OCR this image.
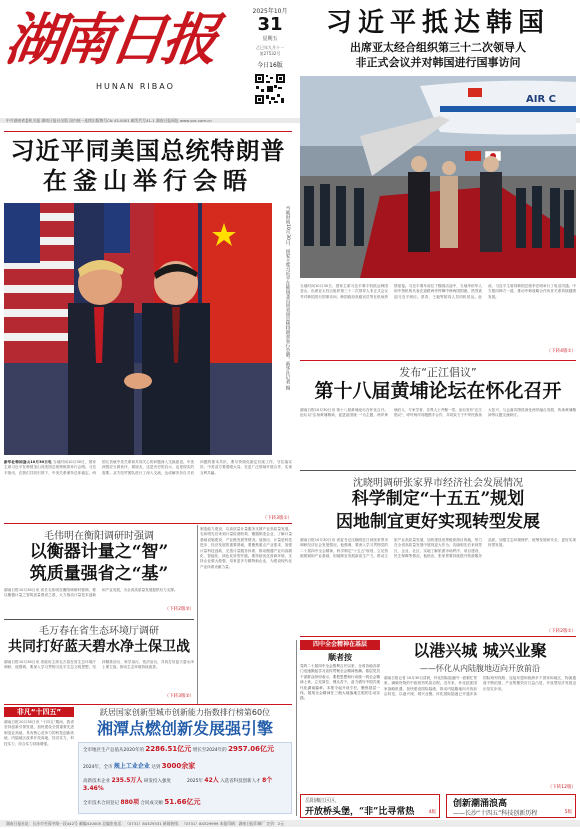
湖南日报
HUNAN RIBAO
2025年10月
31
星期五
乙巳年九月十一
第27532号
今日16版
习近平抵达韩国
出席亚太经合组织第三十二次领导人
非正式会议并对韩国进行国事访问
中共湖南省委机关报 湖南日报社出版 国内统一连续出版物号CN 43-0001 邮发代号41-1 湖南日报网址 www.voc.com.cn
AIR C
习近平同美国总统特朗普
在釜山举行会晤
当地时间10月30日，国家主席习近平在韩国釜山同美国总统特朗普举行会晤。新华社记者 摄
新华社韩国釜山10月30日电 当地时间10月30日，国家主席习近平在韩国釜山同美国总统特朗普举行会晤。习近平指出，在我们共同引领下，中美关系保持总体稳定。两国元首就中美关系和共同关心的问题深入交换意见。中美两国应当做伙伴、做朋友，这是历史的启示，也是现实的需要。双方经贸团队进行了深入交流，达成解决各自关切问题的基本共识，要尽快细化敲定后续工作，守住落实好。中美双方要着眼大局，在更广泛领域开展合作，实现互利共赢。
（下转3版①）
当地时间10月30日，国家主席习近平乘专机抵达韩国釜山，出席亚太经合组织第三十二次领导人非正式会议并对韩国进行国事访问。韩国政府高级官员等在机场热情迎接。习近平乘车前往下榻饭店途中，当地华侨华人和中资机构代表在道路两旁挥舞中韩两国国旗，热烈欢迎习近平到访。蔡奇、王毅等陪同人员同机抵达。此前，习近平主席同韩国总统李在明举行了电话沟通。中方愿同韩方一道，推动中韩战略合作伙伴关系持续健康发展。
（下转4版①）
发布“正江倡议”
第十八届黄埔论坛在怀化召开
湖南日报10月30日讯 第十八届黄埔论坛在怀化召开。论坛以"弘扬黄埔精神，促进祖国统一"为主题，两岸黄埔后人、专家学者、各界人士齐聚一堂。论坛发布"正江倡议"，呼吁两岸同胞携手合作，共同致力于中华民族伟大复兴。与会嘉宾围绕深化两岸融合发展、传承黄埔精神等议题交流研讨。
沈晓明调研张家界市经济社会发展情况
科学制定“十五五”规划
因地制宜更好实现转型发展
湖南日报10月30日讯 省委书记沈晓明近日到张家界市调研经济社会发展情况。他强调，要深入学习贯彻党的二十届四中全会精神，科学制定"十五五"规划，立足资源禀赋和产业基础，因地制宜发展新质生产力，推动文旅产业高质量发展，加快建设世界级旅游目的地，努力在全省高质量发展中展现更大作为。沈晓明先后来到景区、企业、社区，实地了解旅游市场秩序、项目建设、民生保障等情况。他指出，张家界要持续提升旅游服务品质，加强生态环境保护，统筹发展和安全，更好实现转型发展。
（下转2版①）
毛伟明在衡阳调研时强调
以衡器计量之“智”
筑质量强省之“基”
湖南日报10月30日讯 省长毛伟明在衡阳调研时强调，要以衡器计量之智筑质量强省之基，大力推动计量技术创新和产业发展，为全省高质量发展提供有力支撑。
（下转2版②）
制造能力建设，以高质量计量服务支撑产业高质量发展。毛伟明先后来到计量检测机构、衡器制造企业，了解计量基础设施建设、产业链发展等情况。他指出，计量是科技进步、经济发展的重要基础，要聚焦重点产业需求，加强计量科技创新，完善计量服务体系，推动衡器产业向高端化、智能化、绿色化转型升级。要持续优化营商环境，支持企业做大做强，培育更多专精特新企业，为建设现代化产业体系贡献力量。
毛万春在省生态环境厅调研
共同打好蓝天碧水净土保卫战
湖南日报10月30日讯 省政协主席毛万春在省生态环境厅调研，他强调，要深入学习贯彻习近平生态文明思想，坚持精准治污、科学治污、依法治污，共同打好蓝天碧水净土保卫战，推动生态环境持续改善。
（下转3版②）
非凡“十四五”
湖南日报10月30日讯 "十四五"期间，我省坚持创新引领发展，加快建设全国重要先进制造业高地、具有核心竞争力的科技创新高地、内陆地区改革开放高地，经济实力、科技实力、综合实力持续增强。
跃居国家创新型城市创新能力指数排行榜第60位
湘潭点燃创新发展强引擎
全市地区生产总值从2020年的 2286.51亿元 增长至2024年的 2957.06亿元
2024年，全市 规上工业企业 达到 3000余家
高新技术企业 235.5万人 研发投入强度 3.46%
2025年 42人 入选省科技创新人才 8个
全市技术合同登记 880项 合同成交额 51.66亿元
四中全会精神在基层
顺者按
党的二十届四中全会胜利召开以来，全省各地各部门迅速掀起学习宣传贯彻全会精神热潮。基层党员干部群众纷纷表示，要把思想和行动统一到全会精神上来，立足岗位、埋头苦干，奋力谱写中国式现代化湖南篇章。本报今起开设专栏，聚焦基层一线，展现全会精神在三湘大地落地生根的生动实践。
以港兴城 城兴业聚
——怀化从内陆腹地迈向开放前沿
湖南日报记者 10月30日清晨，怀化国际陆港内一派繁忙景象，满载货物的中欧班列鸣笛启程。近年来，怀化抢抓国家战略机遇，加快建设国际陆港，推动内陆腹地向开放前沿转变，以港兴城、城兴业聚。怀化国际陆港已开通多条国际班列线路，连接东盟和欧洲多个国家和地区，物流通道不断拓展，产业集聚效应日益凸显，开放型经济发展迈出坚实步伐。
（下转12版）
岳阳湘江区区，
开放桥头堡，“非”比寻常热	4版
创新潮涌浪高
——长沙“十四五”科技创新历程	5版
湖南日报社址：长沙市芙蓉中路一段442号 邮编410005 总编室电话：（0731）84329331 新闻热线：（0731）84329999 本报印刷：湖南日报印刷厂 定价：2元
